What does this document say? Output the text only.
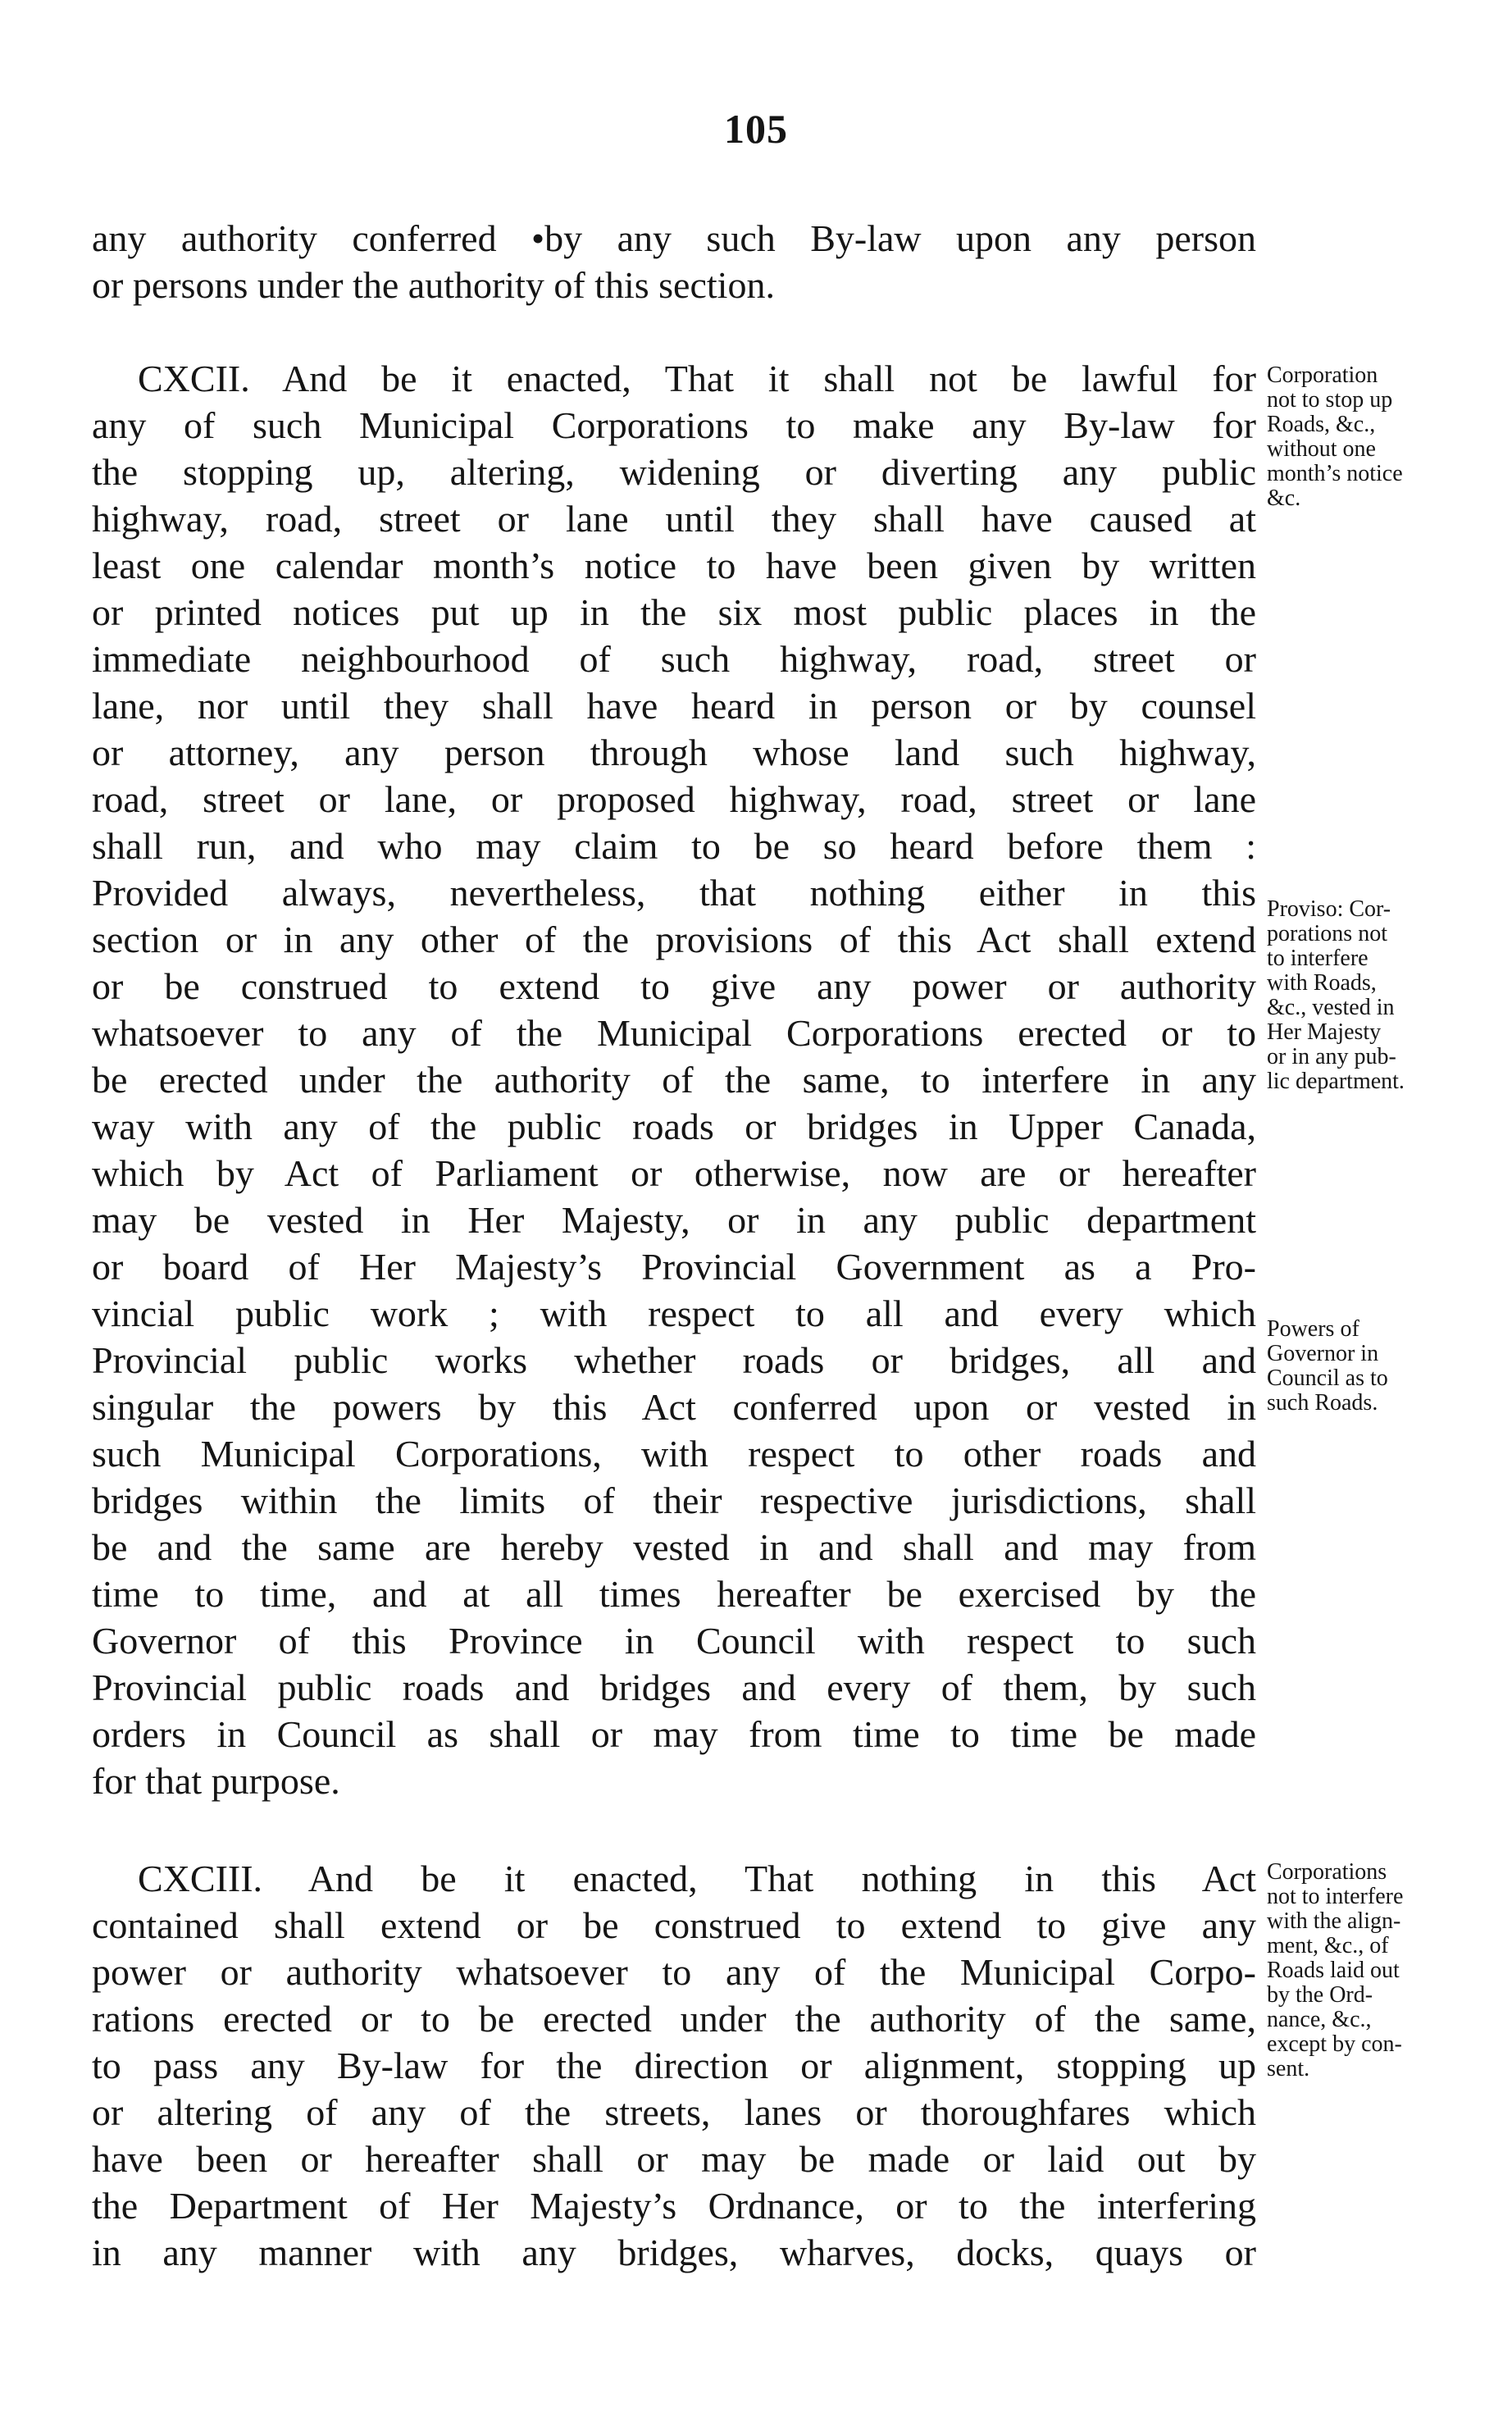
105
any authority conferred •by any such By-law upon any person
or persons under the authority of this section.
CXCII. And be it enacted, That it shall not be lawful for
any of such Municipal Corporations to make any By-law for
the stopping up, altering, widening or diverting any public
highway, road, street or lane until they shall have caused at
least one calendar month’s notice to have been given by written
or printed notices put up in the six most public places in the
immediate neighbourhood of such highway, road, street or
lane, nor until they shall have heard in person or by counsel
or attorney, any person through whose land such highway,
road, street or lane, or proposed highway, road, street or lane
shall run, and who may claim to be so heard before them :
Provided always, nevertheless, that nothing either in this
section or in any other of the provisions of this Act shall extend
or be construed to extend to give any power or authority
whatsoever to any of the Municipal Corporations erected or to
be erected under the authority of the same, to interfere in any
way with any of the public roads or bridges in Upper Canada,
which by Act of Parliament or otherwise, now are or hereafter
may be vested in Her Majesty, or in any public department
or board of Her Majesty’s Provincial Government as a Pro-
vincial public work ; with respect to all and every which
Provincial public works whether roads or bridges, all and
singular the powers by this Act conferred upon or vested in
such Municipal Corporations, with respect to other roads and
bridges within the limits of their respective jurisdictions, shall
be and the same are hereby vested in and shall and may from
time to time, and at all times hereafter be exercised by the
Governor of this Province in Council with respect to such
Provincial public roads and bridges and every of them, by such
orders in Council as shall or may from time to time be made
for that purpose.
CXCIII. And be it enacted, That nothing in this Act
contained shall extend or be construed to extend to give any
power or authority whatsoever to any of the Municipal Corpo-
rations erected or to be erected under the authority of the same,
to pass any By-law for the direction or alignment, stopping up
or altering of any of the streets, lanes or thoroughfares which
have been or hereafter shall or may be made or laid out by
the Department of Her Majesty’s Ordnance, or to the interfering
in any manner with any bridges, wharves, docks, quays or
Corporation
not to stop up
Roads, &c.,
without one
month’s notice
&c.
Proviso: Cor-
porations not
to interfere
with Roads,
&c., vested in
Her Majesty
or in any pub-
lic department.
Powers of
Governor in
Council as to
such Roads.
Corporations
not to interfere
with the align-
ment, &c., of
Roads laid out
by the Ord-
nance, &c.,
except by con-
sent.
